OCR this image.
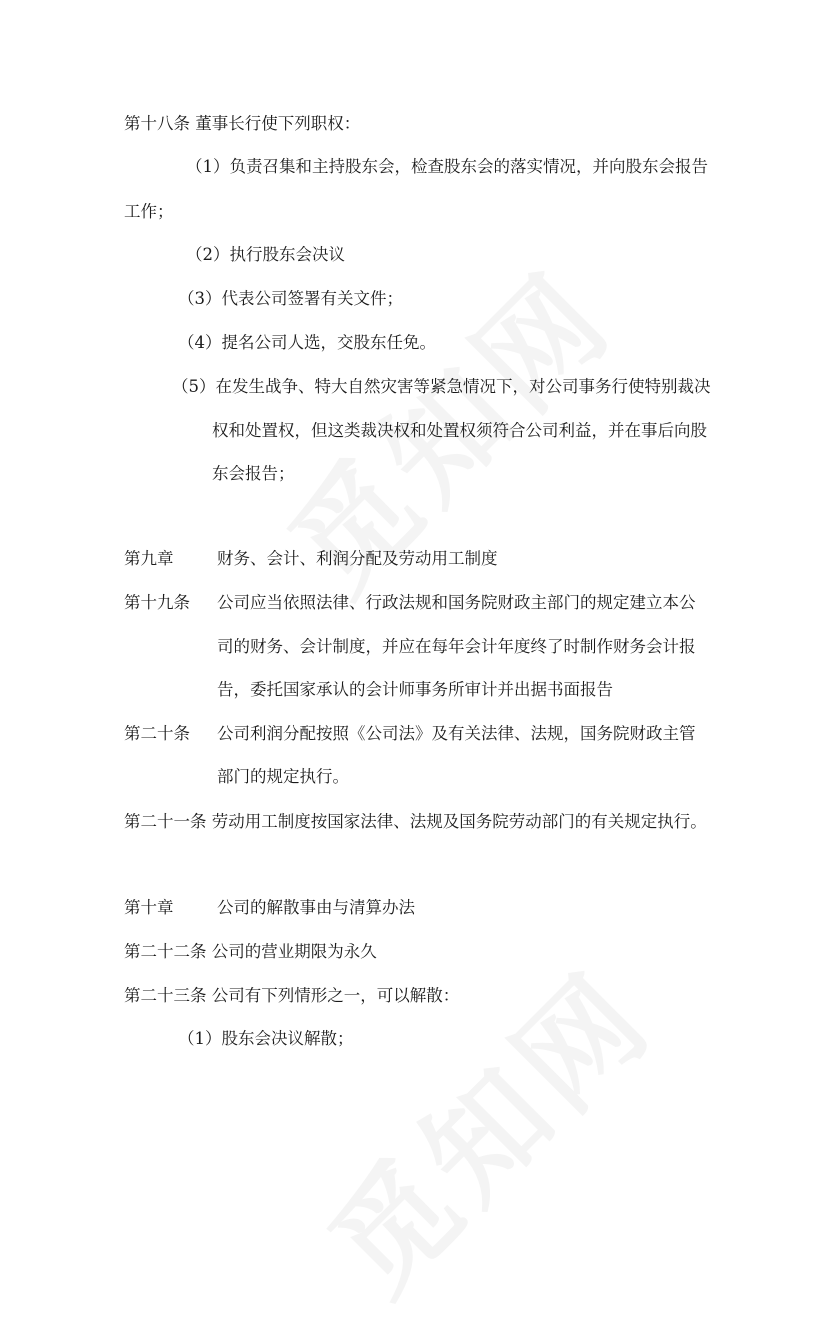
第十八条 董事长行使下列职权：
（1）负责召集和主持股东会，检查股东会的落实情况，并向股东会报告
工作；
（2）执行股东会决议
（3）代表公司签署有关文件；
（4）提名公司人选，交股东任免。
（5）在发生战争、特大自然灾害等紧急情况下，对公司事务行使特别裁决
权和处置权，但这类裁决权和处置权须符合公司利益，并在事后向股
东会报告；
第九章	财务、会计、利润分配及劳动用工制度
第十九条 公司应当依照法律、行政法规和国务院财政主部门的规定建立本公
司的财务、会计制度，并应在每年会计年度终了时制作财务会计报
告，委托国家承认的会计师事务所审计并出据书面报告
第二十条 公司利润分配按照《公司法》及有关法律、法规，国务院财政主管
部门的规定执行。
第二十一条 劳动用工制度按国家法律、法规及国务院劳动部门的有关规定执行。
第十章	公司的解散事由与清算办法
第二十二条 公司的营业期限为永久
第二十三条 公司有下列情形之一，可以解散：
（1）股东会决议解散；
